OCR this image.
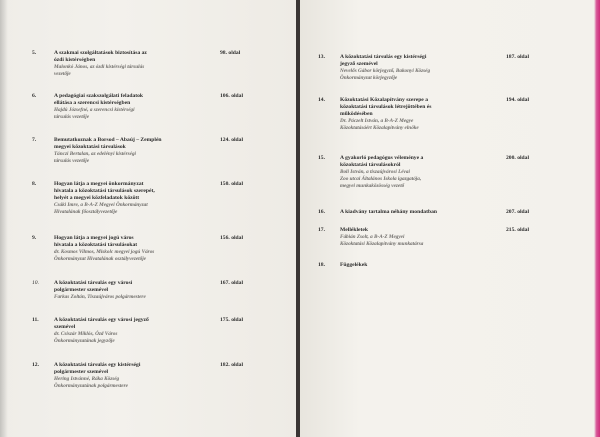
5.	A szakmai szolgáltatások biztosítása az
ózdi kistérségben
Malonkó János, az ózdi kistérségi társulás
vezetője
98. oldal
6.	A pedagógiai szakszolgálati feladatok
ellátása a szerencsi kistérségben
Hajdú Józsefné, a szerencsi kistérségi
társulás vezetője
106. oldal
7.	Bemutatkoznak a Borsod – Abaúj – Zemplén
megyei közoktatási társulások
Tánczi Bertalan, az edelényi kistérségi
társulás vezetője
124. oldal
8.	Hogyan látja a megyei önkormányzat
hivatala a közoktatási társulások szerepét,
helyét a megyei közfeladatok között
Csáki Imre, a B-A-Z Megyei Önkormányzat
Hivatalának főosztályvezetője
150. oldal
9.	Hogyan látja a megyei jogú város
hivatala a közoktatási társulásokat
dr. Kosmos Vilmos, Miskolc megyei jogú Város
Önkormányzat Hivatalának osztályvezetője
156. oldal
10.	A közoktatási társulás egy városi
polgármester szemével
Farkas Zoltán, Tiszaújváros polgármestere
167. oldal
11.	A közoktatási társulás egy városi jegyző
szemével
dr. Csiszár Miklós, Ózd Város
Önkormányzatának jegyzője
175. oldal
12.	A közoktatási társulás egy kistérségi
polgármester szemével
Hering Istvánné, Ráka Község
Önkormányzatának polgármestere
182. oldal
13.	A közoktatási társulás egy kistérségi
jegyző szemével
Nevelős Gábor körjegyző, Bakonyi Község
Önkormányzat körjegyzője
187. oldal
14.	Közoktatási Közalapítvány szerepe a
közoktatási társulások létrejöttében és
működésében
Dr. Páczelt István, a B-A-Z Megye
Közoktatásáért Közalapítvány elnöke
194. oldal
15.	A gyakorló pedagógus véleménye a
közoktatási társulásokról
Boli István, a tiszaújvárosi Lévai
Zoo utcai Általános Iskola igazgatója,
megyei munkaközösség vezető
200. oldal
16.	A kiadvány tartalma néhány mondatban	207. oldal
17.	Mellékletek
Fábián Zsolt, a B-A-Z Megyei
Közoktatási Közalapítvány munkatársa
215. oldal
18.	Függelékek
